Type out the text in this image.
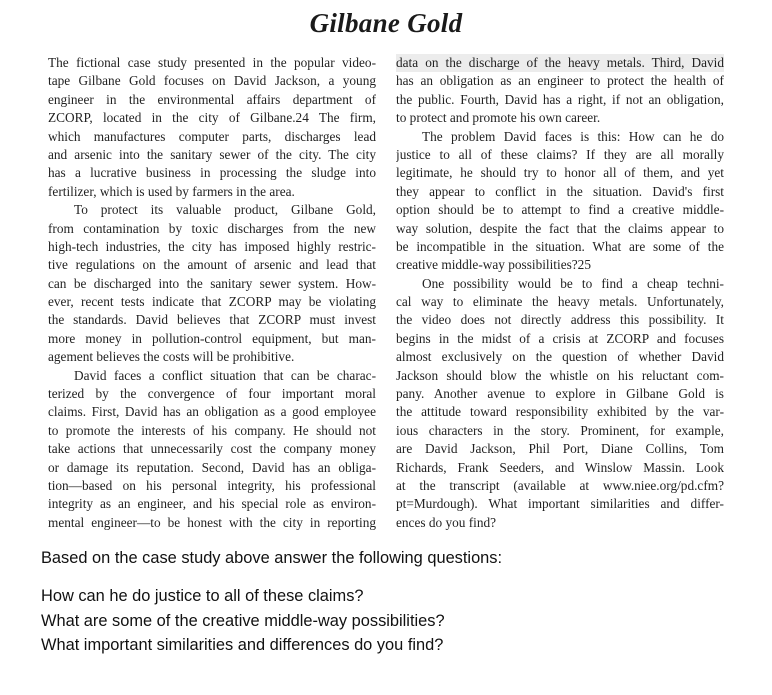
Gilbane Gold
The fictional case study presented in the popular video-
tape Gilbane Gold focuses on David Jackson, a young
engineer in the environmental affairs department of
ZCORP, located in the city of Gilbane.24 The firm,
which manufactures computer parts, discharges lead
and arsenic into the sanitary sewer of the city. The city
has a lucrative business in processing the sludge into
fertilizer, which is used by farmers in the area.
To protect its valuable product, Gilbane Gold,
from contamination by toxic discharges from the new
high-tech industries, the city has imposed highly restric-
tive regulations on the amount of arsenic and lead that
can be discharged into the sanitary sewer system. How-
ever, recent tests indicate that ZCORP may be violating
the standards. David believes that ZCORP must invest
more money in pollution-control equipment, but man-
agement believes the costs will be prohibitive.
David faces a conflict situation that can be charac-
terized by the convergence of four important moral
claims. First, David has an obligation as a good employee
to promote the interests of his company. He should not
take actions that unnecessarily cost the company money
or damage its reputation. Second, David has an obliga-
tion—based on his personal integrity, his professional
integrity as an engineer, and his special role as environ-
mental engineer—to be honest with the city in reporting
data on the discharge of the heavy metals. Third, David
has an obligation as an engineer to protect the health of
the public. Fourth, David has a right, if not an obligation,
to protect and promote his own career.
The problem David faces is this: How can he do
justice to all of these claims? If they are all morally
legitimate, he should try to honor all of them, and yet
they appear to conflict in the situation. David's first
option should be to attempt to find a creative middle-
way solution, despite the fact that the claims appear to
be incompatible in the situation. What are some of the
creative middle-way possibilities?25
One possibility would be to find a cheap techni-
cal way to eliminate the heavy metals. Unfortunately,
the video does not directly address this possibility. It
begins in the midst of a crisis at ZCORP and focuses
almost exclusively on the question of whether David
Jackson should blow the whistle on his reluctant com-
pany. Another avenue to explore in Gilbane Gold is
the attitude toward responsibility exhibited by the var-
ious characters in the story. Prominent, for example,
are David Jackson, Phil Port, Diane Collins, Tom
Richards, Frank Seeders, and Winslow Massin. Look
at the transcript (available at www.niee.org/pd.cfm?
pt=Murdough). What important similarities and differ-
ences do you find?

Based on the case study above answer the following questions:

How can he do justice to all of these claims?

What are some of the creative middle-way possibilities?

What important similarities and differences do you find?
